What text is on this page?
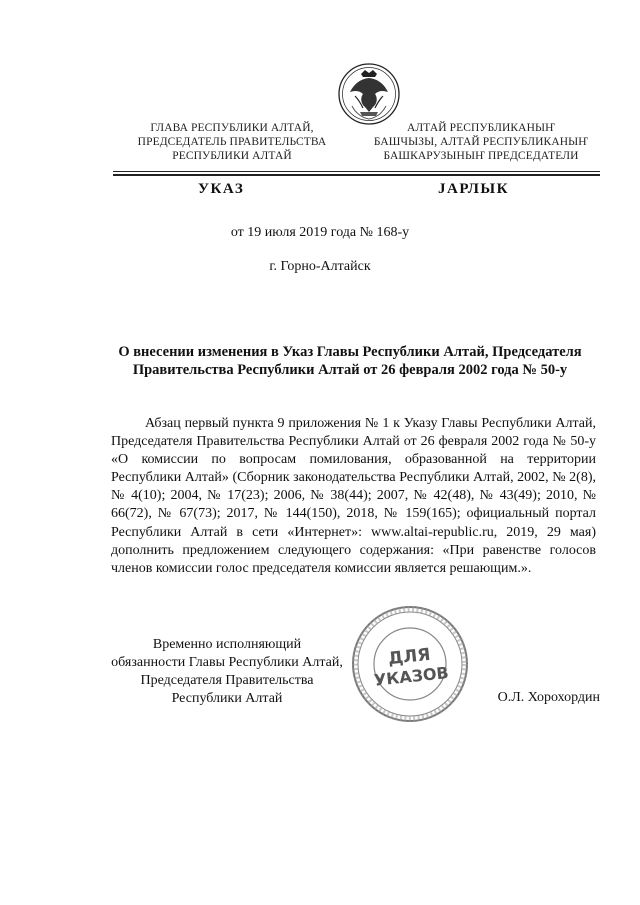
ГЛАВА РЕСПУБЛИКИ АЛТАЙ,
ПРЕДСЕДАТЕЛЬ ПРАВИТЕЛЬСТВА
РЕСПУБЛИКИ АЛТАЙ
АЛТАЙ РЕСПУБЛИКАНЫҤ
БАШЧЫЗЫ, АЛТАЙ РЕСПУБЛИКАНЫҤ
БАШКАРУЗЫНЫҤ ПРЕДСЕДАТЕЛИ
УКАЗ	ЈАРЛЫК
от 19 июля 2019 года № 168-у
г. Горно-Алтайск
О внесении изменения в Указ Главы Республики Алтай, Председателя Правительства Республики Алтай от 26 февраля 2002 года № 50-у
Абзац первый пункта 9 приложения № 1 к Указу Главы Республики Алтай, Председателя Правительства Республики Алтай от 26 февраля 2002 года № 50-у «О комиссии по вопросам помилования, образованной на территории Республики Алтай» (Сборник законодательства Республики Алтай, 2002, № 2(8), № 4(10); 2004, № 17(23); 2006, № 38(44); 2007, № 42(48), № 43(49); 2010, № 66(72), № 67(73); 2017, № 144(150), 2018, № 159(165); официальный портал Республики Алтай в сети «Интернет»: www.altai-republic.ru, 2019, 29 мая) дополнить предложением следующего содержания: «При равенстве голосов членов комиссии голос председателя комиссии является решающим.».
Временно исполняющий
обязанности Главы Республики Алтай,
Председателя Правительства
Республики Алтай
ДЛЯ
УКАЗОВ
О.Л. Хорохордин
